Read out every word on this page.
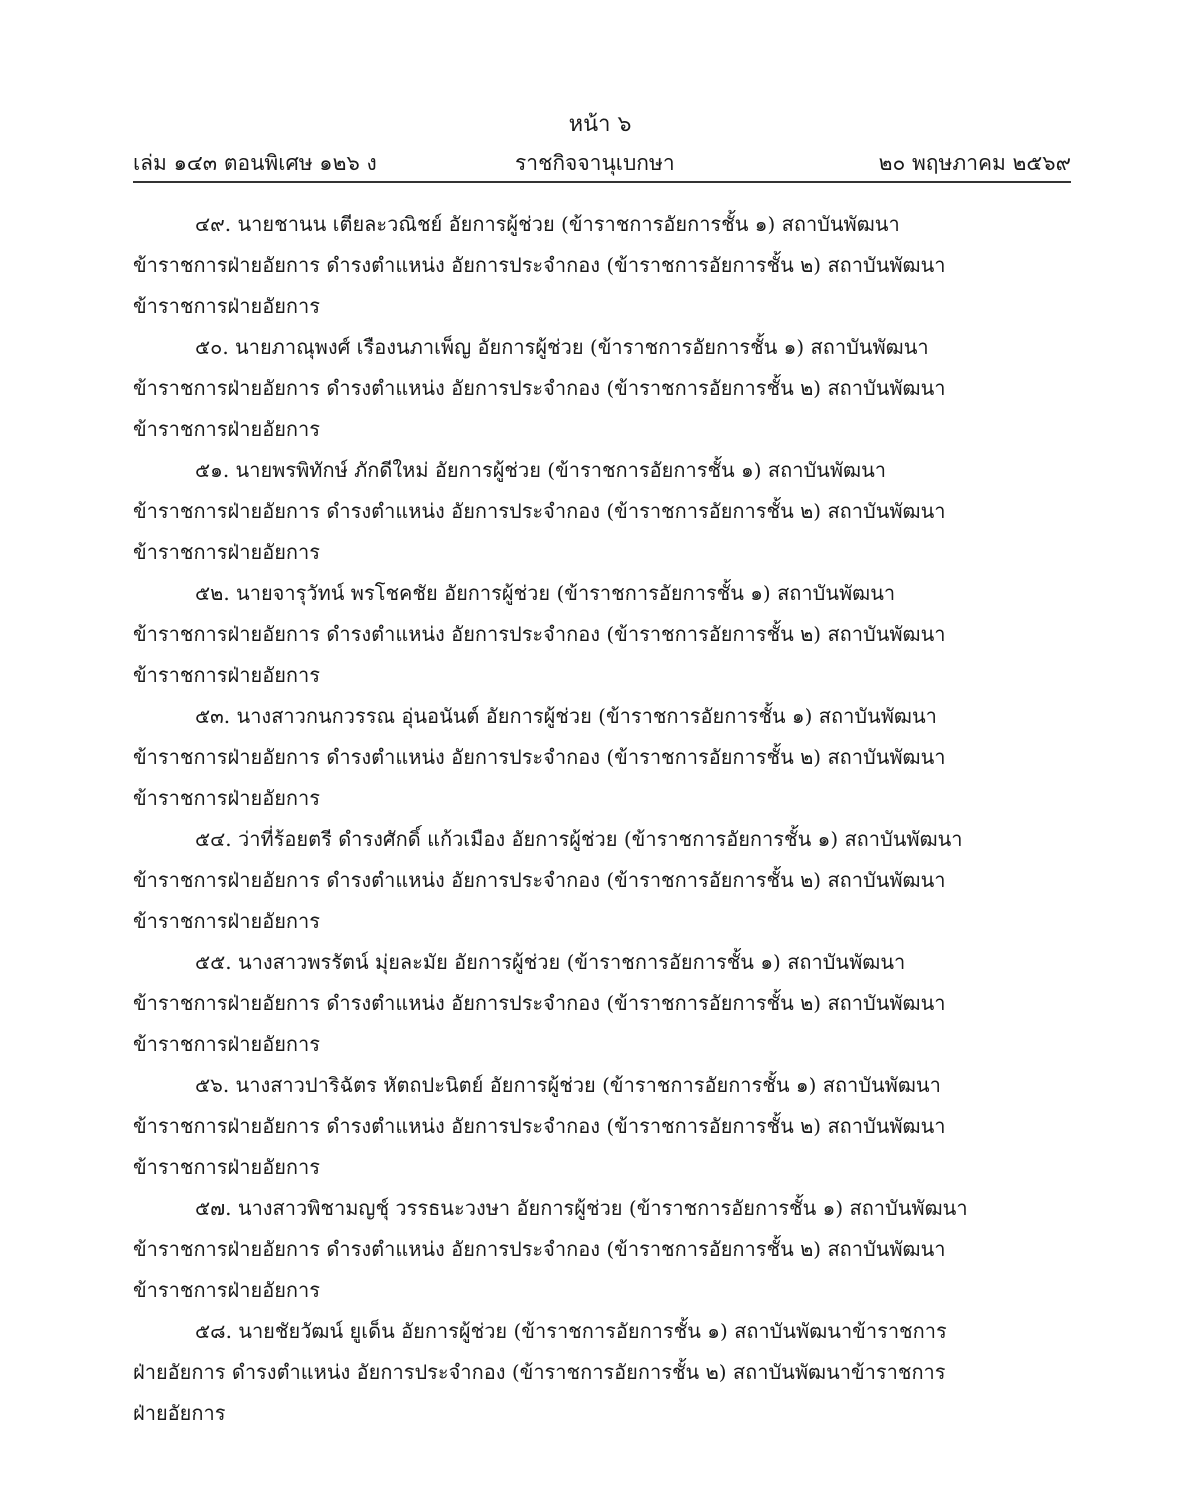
หน้า ๖
เล่ม ๑๔๓ ตอนพิเศษ ๑๒๖ ง	ราชกิจจานุเบกษา	๒๐ พฤษภาคม ๒๕๖๙
๔๙. นายชานน เตียละวณิชย์ อัยการผู้ช่วย (ข้าราชการอัยการชั้น ๑) สถาบันพัฒนา
ข้าราชการฝ่ายอัยการ ดำรงตำแหน่ง อัยการประจำกอง (ข้าราชการอัยการชั้น ๒) สถาบันพัฒนา
ข้าราชการฝ่ายอัยการ
๕๐. นายภาณุพงศ์ เรืองนภาเพ็ญ อัยการผู้ช่วย (ข้าราชการอัยการชั้น ๑) สถาบันพัฒนา
ข้าราชการฝ่ายอัยการ ดำรงตำแหน่ง อัยการประจำกอง (ข้าราชการอัยการชั้น ๒) สถาบันพัฒนา
ข้าราชการฝ่ายอัยการ
๕๑. นายพรพิทักษ์ ภักดีใหม่ อัยการผู้ช่วย (ข้าราชการอัยการชั้น ๑) สถาบันพัฒนา
ข้าราชการฝ่ายอัยการ ดำรงตำแหน่ง อัยการประจำกอง (ข้าราชการอัยการชั้น ๒) สถาบันพัฒนา
ข้าราชการฝ่ายอัยการ
๕๒. นายจารุวัทน์ พรโชคชัย อัยการผู้ช่วย (ข้าราชการอัยการชั้น ๑) สถาบันพัฒนา
ข้าราชการฝ่ายอัยการ ดำรงตำแหน่ง อัยการประจำกอง (ข้าราชการอัยการชั้น ๒) สถาบันพัฒนา
ข้าราชการฝ่ายอัยการ
๕๓. นางสาวกนกวรรณ อุ่นอนันต์ อัยการผู้ช่วย (ข้าราชการอัยการชั้น ๑) สถาบันพัฒนา
ข้าราชการฝ่ายอัยการ ดำรงตำแหน่ง อัยการประจำกอง (ข้าราชการอัยการชั้น ๒) สถาบันพัฒนา
ข้าราชการฝ่ายอัยการ
๕๔. ว่าที่ร้อยตรี ดำรงศักดิ์ แก้วเมือง อัยการผู้ช่วย (ข้าราชการอัยการชั้น ๑) สถาบันพัฒนา
ข้าราชการฝ่ายอัยการ ดำรงตำแหน่ง อัยการประจำกอง (ข้าราชการอัยการชั้น ๒) สถาบันพัฒนา
ข้าราชการฝ่ายอัยการ
๕๕. นางสาวพรรัตน์ มุ่ยละมัย อัยการผู้ช่วย (ข้าราชการอัยการชั้น ๑) สถาบันพัฒนา
ข้าราชการฝ่ายอัยการ ดำรงตำแหน่ง อัยการประจำกอง (ข้าราชการอัยการชั้น ๒) สถาบันพัฒนา
ข้าราชการฝ่ายอัยการ
๕๖. นางสาวปาริฉัตร หัตถปะนิตย์ อัยการผู้ช่วย (ข้าราชการอัยการชั้น ๑) สถาบันพัฒนา
ข้าราชการฝ่ายอัยการ ดำรงตำแหน่ง อัยการประจำกอง (ข้าราชการอัยการชั้น ๒) สถาบันพัฒนา
ข้าราชการฝ่ายอัยการ
๕๗. นางสาวพิชามญชุ์ วรรธนะวงษา อัยการผู้ช่วย (ข้าราชการอัยการชั้น ๑) สถาบันพัฒนา
ข้าราชการฝ่ายอัยการ ดำรงตำแหน่ง อัยการประจำกอง (ข้าราชการอัยการชั้น ๒) สถาบันพัฒนา
ข้าราชการฝ่ายอัยการ
๕๘. นายชัยวัฒน์ ยูเด็น อัยการผู้ช่วย (ข้าราชการอัยการชั้น ๑) สถาบันพัฒนาข้าราชการ
ฝ่ายอัยการ ดำรงตำแหน่ง อัยการประจำกอง (ข้าราชการอัยการชั้น ๒) สถาบันพัฒนาข้าราชการ
ฝ่ายอัยการ
